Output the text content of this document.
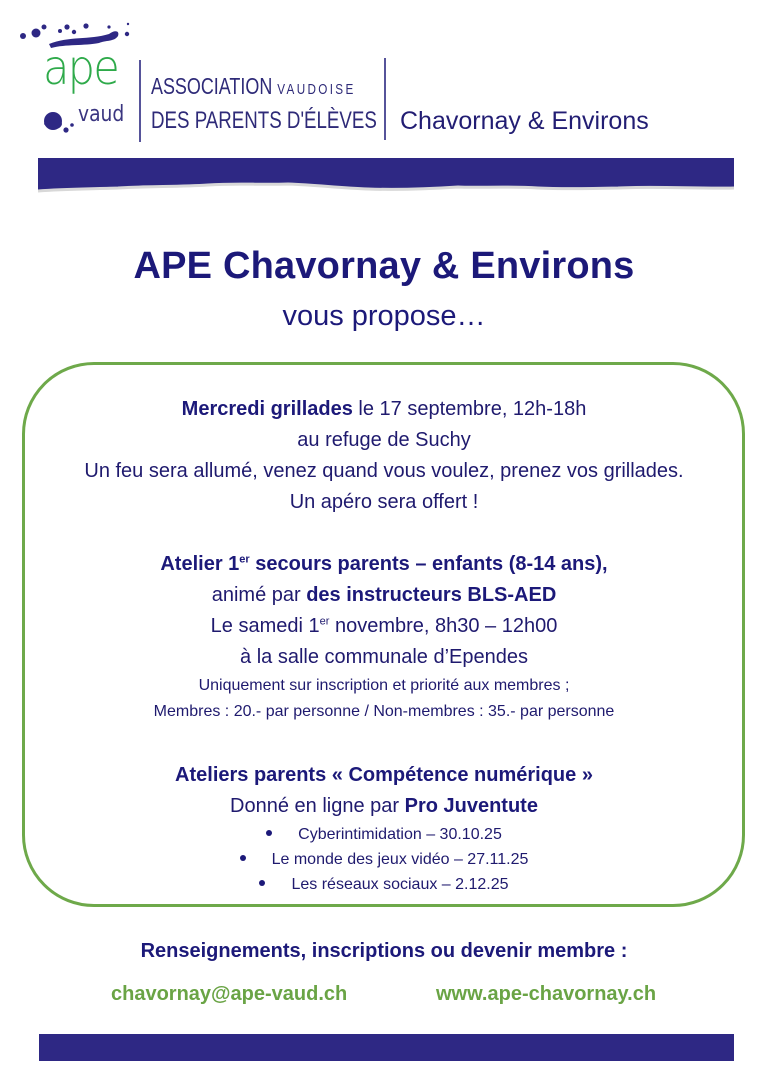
ape
vaud
ASSOCIATION VAUDOISE
DES PARENTS D'ÉLÈVES Chavornay & Environs
APE Chavornay & Environs
vous propose…
Mercredi grillades le 17 septembre, 12h-18h
au refuge de Suchy
Un feu sera allumé, venez quand vous voulez, prenez vos grillades.
Un apéro sera offert !
Atelier 1er secours parents – enfants (8-14 ans),
animé par des instructeurs BLS-AED
Le samedi 1er novembre, 8h30 – 12h00
à la salle communale d’Ependes
Uniquement sur inscription et priorité aux membres ;
Membres : 20.- par personne / Non-membres : 35.- par personne
Ateliers parents « Compétence numérique »
Donné en ligne par Pro Juventute
Cyberintimidation – 30.10.25
Le monde des jeux vidéo – 27.11.25
Les réseaux sociaux – 2.12.25
Renseignements, inscriptions ou devenir membre :
chavornay@ape-vaud.ch	www.ape-chavornay.ch
